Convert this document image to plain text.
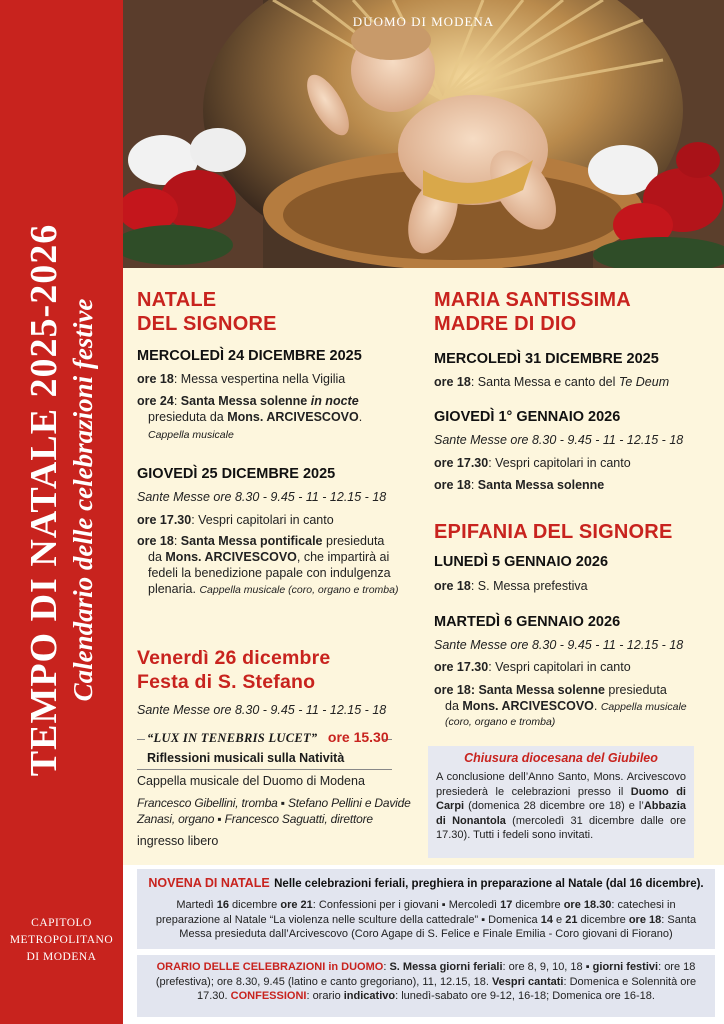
TEMPO DI NATALE 2025-2026 Calendario delle celebrazioni festive
CAPITOLO
METROPOLITANO
DI MODENA
DUOMO DI MODENA
NATALE
DEL SIGNORE
MERCOLEDÌ 24 DICEMBRE 2025
ore 18: Messa vespertina nella Vigilia
ore 24: Santa Messa solenne in nocte
presieduta da Mons. ARCIVESCOVO.
Cappella musicale
GIOVEDÌ 25 DICEMBRE 2025
Sante Messe ore 8.30 - 9.45 - 11 - 12.15 - 18
ore 17.30: Vespri capitolari in canto
ore 18: Santa Messa pontificale presieduta
da Mons. ARCIVESCOVO, che impartirà ai
fedeli la benedizione papale con indulgenza
plenaria. Cappella musicale (coro, organo e tromba)
Venerdì 26 dicembre
Festa di S. Stefano
Sante Messe ore 8.30 - 9.45 - 11 - 12.15 - 18
“LUX IN TENEBRIS LUCET” ore 15.30
Riflessioni musicali sulla Natività
Cappella musicale del Duomo di Modena
Francesco Gibellini, tromba ▪ Stefano Pellini e Davide
Zanasi, organo ▪ Francesco Saguatti, direttore
ingresso libero
MARIA SANTISSIMA
MADRE DI DIO
MERCOLEDÌ 31 DICEMBRE 2025
ore 18: Santa Messa e canto del Te Deum
GIOVEDÌ 1° GENNAIO 2026
Sante Messe ore 8.30 - 9.45 - 11 - 12.15 - 18
ore 17.30: Vespri capitolari in canto
ore 18: Santa Messa solenne
EPIFANIA DEL SIGNORE
LUNEDÌ 5 GENNAIO 2026
ore 18: S. Messa prefestiva
MARTEDÌ 6 GENNAIO 2026
Sante Messe ore 8.30 - 9.45 - 11 - 12.15 - 18
ore 17.30: Vespri capitolari in canto
ore 18: Santa Messa solenne presieduta
da Mons. ARCIVESCOVO. Cappella musicale
(coro, organo e tromba)
Chiusura diocesana del Giubileo
A conclusione dell’Anno Santo, Mons. Arcivescovo presiederà le celebrazioni presso il Duomo di Carpi (domenica 28 dicembre ore 18) e l’Abbazia di Nonantola (mercoledì 31 dicembre dalle ore 17.30). Tutti i fedeli sono invitati.
NOVENA DI NATALE Nelle celebrazioni feriali, preghiera in preparazione al Natale (dal 16 dicembre).
Martedì 16 dicembre ore 21: Confessioni per i giovani ▪ Mercoledì 17 dicembre ore 18.30: catechesi in preparazione al Natale “La violenza nelle sculture della cattedrale” ▪ Domenica 14 e 21 dicembre ore 18: Santa Messa presieduta dall’Arcivescovo (Coro Agape di S. Felice e Finale Emilia - Coro giovani di Fiorano)
ORARIO DELLE CELEBRAZIONI in DUOMO: S. Messa giorni feriali: ore 8, 9, 10, 18 ▪ giorni festivi: ore 18 (prefestiva); ore 8.30, 9.45 (latino e canto gregoriano), 11, 12.15, 18. Vespri cantati: Domenica e Solennità ore 17.30. CONFESSIONI: orario indicativo: lunedì-sabato ore 9-12, 16-18; Domenica ore 16-18.
